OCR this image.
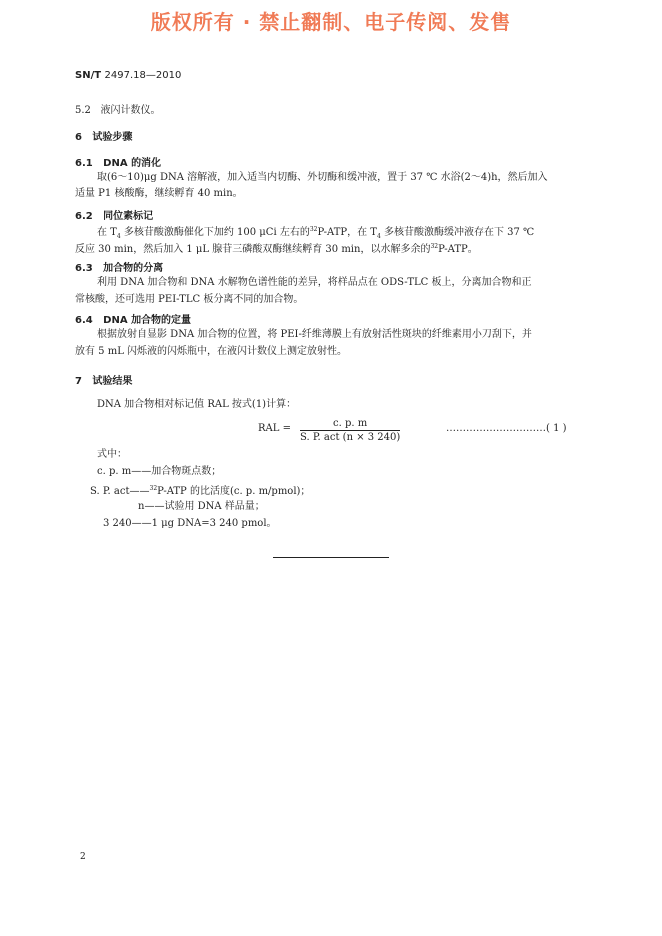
版权所有 · 禁止翻制、电子传阅、发售
SN/T 2497.18—2010
5.2 液闪计数仪。
6 试验步骤
6.1 DNA 的消化
取(6～10)μg DNA 溶解液，加入适当内切酶、外切酶和缓冲液，置于 37 ℃ 水浴(2～4)h，然后加入
适量 P1 核酸酶，继续孵育 40 min。
6.2 同位素标记
在 $T_4$ 多核苷酸激酶催化下加约 100 μCi 左右的$^{32}$P-ATP，在 $T_4$ 多核苷酸激酶缓冲液存在下 37 ℃
反应 30 min，然后加入 1 μL 腺苷三磷酸双酶继续孵育 30 min，以水解多余的$^{32}$P-ATP。
6.3 加合物的分离
利用 DNA 加合物和 DNA 水解物色谱性能的差异，将样品点在 ODS-TLC 板上，分离加合物和正
常核酸，还可选用 PEI-TLC 板分离不同的加合物。
6.4 DNA 加合物的定量
根据放射自显影 DNA 加合物的位置，将 PEI-纤维薄膜上有放射活性斑块的纤维素用小刀刮下，并
放有 5 mL 闪烁液的闪烁瓶中，在液闪计数仪上测定放射性。
7 试验结果
DNA 加合物相对标记值 RAL 按式(1)计算：
RAL =	c. p. m
S. P. act (n × 3 240)
…………………………( 1 )
式中：
c. p. m——加合物斑点数；
S. P. act——$^{32}$P-ATP 的比活度(c. p. m/pmol)；
n——试验用 DNA 样品量；
3 240——1 μg DNA=3 240 pmol。
2
